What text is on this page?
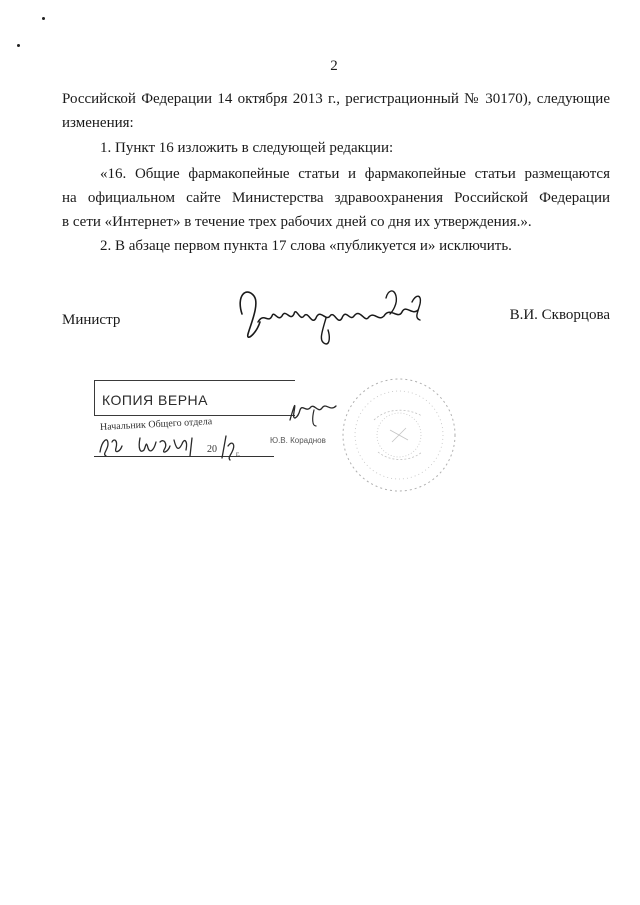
2
Российской Федерации 14 октября 2013 г., регистрационный № 30170), следующие
изменения:
1. Пункт 16 изложить в следующей редакции:
«16. Общие фармакопейные статьи и фармакопейные статьи размещаются
на официальном сайте Министерства здравоохранения Российской Федерации
в сети «Интернет» в течение трех рабочих дней со дня их утверждения.».
2. В абзаце первом пункта 17 слова «публикуется и» исключить.
Министр	В.И. Скворцова
КОПИЯ ВЕРНА
Начальник Общего отдела
20	г.
Ю.В. Кораднов
